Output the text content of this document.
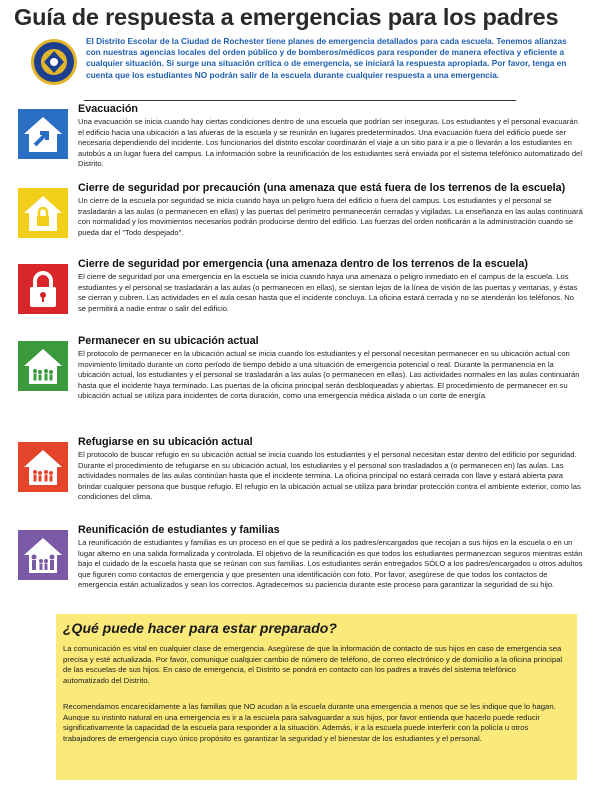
Guía de respuesta a emergencias para los padres
El Distrito Escolar de la Ciudad de Rochester tiene planes de emergencia detallados para cada escuela. Tenemos alianzas con nuestras agencias locales del orden público y de bomberos/médicos para responder de manera efectiva y eficiente a cualquier situación. Si surge una situación crítica o de emergencia, se iniciará la respuesta apropiada. Por favor, tenga en cuenta que los estudiantes NO podrán salir de la escuela durante cualquier respuesta a una emergencia.
Evacuación

Una evacuación se inicia cuando hay ciertas condiciones dentro de una escuela que podrían ser inseguras. Los estudiantes y el personal evacuarán el edificio hacia una ubicación a las afueras de la escuela y se reunirán en lugares predeterminados. Una evacuación fuera del edificio puede ser necesaria dependiendo del incidente. Los funcionarios del distrito escolar coordinarán el viaje a un sitio para ir a pie o llevarán a los estudiantes en autobús a un lugar fuera del campus. La información sobre la reunificación de los estudiantes será enviada por el sistema telefónico automatizado del Distrito.

Cierre de seguridad por precaución (una amenaza que está fuera de los terrenos de la escuela)

Un cierre de la escuela por seguridad se inicia cuando haya un peligro fuera del edificio o fuera del campus. Los estudiantes y el personal se trasladarán a las aulas (o permanecen en ellas) y las puertas del perímetro permanecerán cerradas y vigiladas. La enseñanza en las aulas continuará con normalidad y los movimientos necesarios podrán producirse dentro del edificio. Las fuerzas del orden notificarán a la administración cuando se pueda dar el "Todo despejado".

Cierre de seguridad por emergencia (una amenaza dentro de los terrenos de la escuela)

El cierre de seguridad por una emergencia en la escuela se inicia cuando haya una amenaza o peligro inmediato en el campus de la escuela. Los estudiantes y el personal se trasladarán a las aulas (o permanecen en ellas), se sientan lejos de la línea de visión de las puertas y ventanas, y éstas se cierran y cubren. Las actividades en el aula cesan hasta que el incidente concluya. La oficina estará cerrada y no se atenderán los teléfonos. No se permitirá a nadie entrar o salir del edificio.

Permanecer en su ubicación actual

El protocolo de permanecer en la ubicación actual se inicia cuando los estudiantes y el personal necesitan permanecer en su ubicación actual con movimiento limitado durante un corto período de tiempo debido a una situación de emergencia potencial o real. Durante la permanencia en la ubicación actual, los estudiantes y el personal se trasladarán a las aulas (o permanecen en ellas). Las actividades normales en las aulas continuarán hasta que el incidente haya terminado. Las puertas de la oficina principal serán desbloqueadas y abiertas. El procedimiento de permanecer en su ubicación actual se utiliza para incidentes de corta duración, como una emergencia médica aislada o un corte de energía.

Refugiarse en su ubicación actual

El protocolo de buscar refugio en su ubicación actual se inicia cuando los estudiantes y el personal necesitan estar dentro del edificio por seguridad. Durante el procedimiento de refugiarse en su ubicación actual, los estudiantes y el personal son trasladados a (o permanecen en) las aulas. Las actividades normales de las aulas continúan hasta que el incidente termina. La oficina principal no estará cerrada con llave y estará abierta para brindar cualquier persona que busque refugio. El refugio en la ubicación actual se utiliza para brindar protección contra el ambiente exterior, como las condiciones del clima.

Reunificación de estudiantes y familias

La reunificación de estudiantes y familias es un proceso en el que se pedirá a los padres/encargados que recojan a sus hijos en la escuela o en un lugar alterno en una salida formalizada y controlada. El objetivo de la reunificación es que todos los estudiantes permanezcan seguros mientras están bajo el cuidado de la escuela hasta que se reúnan con sus familias. Los estudiantes serán entregados SÓLO a los padres/encargados u otros adultos que figuren como contactos de emergencia y que presenten una identificación con foto. Por favor, asegúrese de que todos los contactos de emergencia están actualizados y sean los correctos. Agradecemos su paciencia durante este proceso para garantizar la seguridad de su hijo.

¿Qué puede hacer para estar preparado?

La comunicación es vital en cualquier clase de emergencia. Asegúrese de que la información de contacto de sus hijos en caso de emergencia sea precisa y esté actualizada. Por favor, comunique cualquier cambio de número de teléfono, de correo electrónico y de domicilio a la oficina principal de las escuelas de sus hijos. En caso de emergencia, el Distrito se pondrá en contacto con los padres a través del sistema telefónico automatizado del Distrito.

Recomendamos encarecidamente a las familias que NO acudan a la escuela durante una emergencia a menos que se les indique que lo hagan. Aunque su instinto natural en una emergencia es ir a la escuela para salvaguardar a sus hijos, por favor entienda que hacerlo puede reducir significativamente la capacidad de la escuela para responder a la situación. Además, ir a la escuela puede interferir con la policía u otros trabajadores de emergencia cuyo único propósito es garantizar la seguridad y el bienestar de los estudiantes y el personal.
